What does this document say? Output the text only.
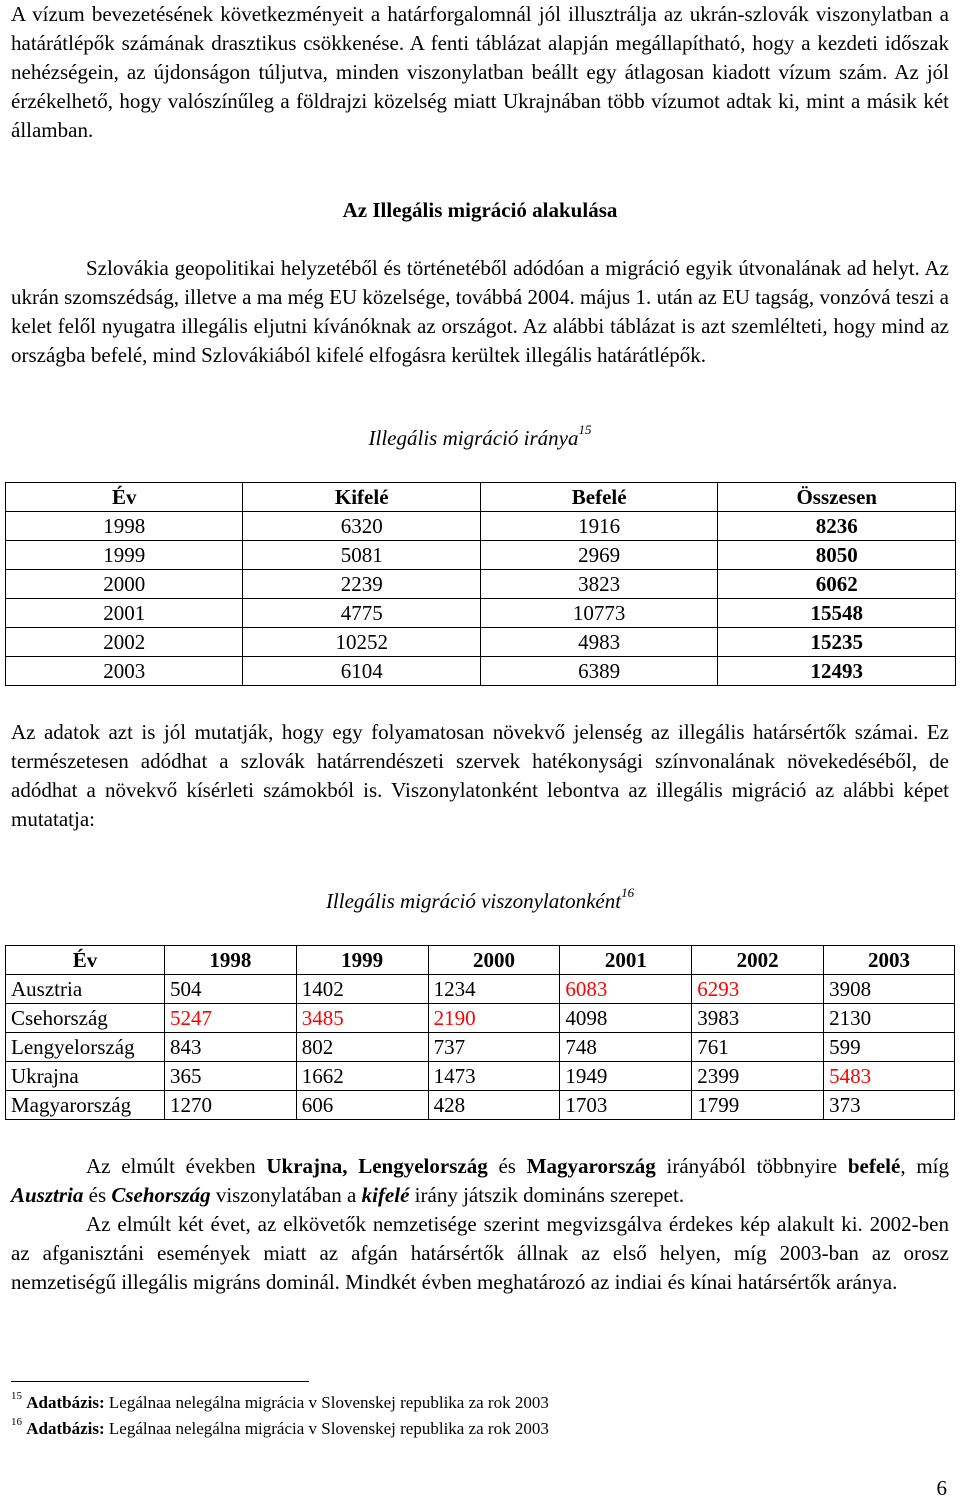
A vízum bevezetésének következményeit a határforgalomnál jól illusztrálja az ukrán-szlovák viszonylatban a határátlépők számának drasztikus csökkenése. A fenti táblázat alapján megállapítható, hogy a kezdeti időszak nehézségein, az újdonságon túljutva, minden viszonylatban beállt egy átlagosan kiadott vízum szám. Az jól érzékelhető, hogy valószínűleg a földrajzi közelség miatt Ukrajnában több vízumot adtak ki, mint a másik két államban.

Az Illegális migráció alakulása

Szlovákia geopolitikai helyzetéből és történetéből adódóan a migráció egyik útvonalának ad helyt. Az ukrán szomszédság, illetve a ma még EU közelsége, továbbá 2004. május 1. után az EU tagság, vonzóvá teszi a kelet felől nyugatra illegális eljutni kívánóknak az országot. Az alábbi táblázat is azt szemlélteti, hogy mind az országba befelé, mind Szlovákiából kifelé elfogásra kerültek illegális határátlépők.

Illegális migráció iránya$^{15}$

Év	Kifelé	Befelé	Összesen
1998	6320	1916	8236
1999	5081	2969	8050
2000	2239	3823	6062
2001	4775	10773	15548
2002	10252	4983	15235
2003	6104	6389	12493

Az adatok azt is jól mutatják, hogy egy folyamatosan növekvő jelenség az illegális határsértők számai. Ez természetesen adódhat a szlovák határrendészeti szervek hatékonysági színvonalának növekedéséből, de adódhat a növekvő kísérleti számokból is. Viszonylatonként lebontva az illegális migráció az alábbi képet mutatatja:

Illegális migráció viszonylatonként$^{16}$

Év	1998	1999	2000	2001	2002	2003
Ausztria	504	1402	1234	6083	6293	3908
Csehország	5247	3485	2190	4098	3983	2130
Lengyelország	843	802	737	748	761	599
Ukrajna	365	1662	1473	1949	2399	5483
Magyarország	1270	606	428	1703	1799	373

Az elmúlt években Ukrajna, Lengyelország és Magyarország irányából többnyire befelé, míg Ausztria és Csehország viszonylatában a kifelé irány játszik domináns szerepet.

Az elmúlt két évet, az elkövetők nemzetisége szerint megvizsgálva érdekes kép alakult ki. 2002-ben az afganisztáni események miatt az afgán határsértők állnak az első helyen, míg 2003-ban az orosz nemzetiségű illegális migráns dominál. Mindkét évben meghatározó az indiai és kínai határsértők aránya.

$^{15}$ Adatbázis: Legálnaa nelegálna migrácia v Slovenskej republika za rok 2003

$^{16}$ Adatbázis: Legálnaa nelegálna migrácia v Slovenskej republika za rok 2003

6
